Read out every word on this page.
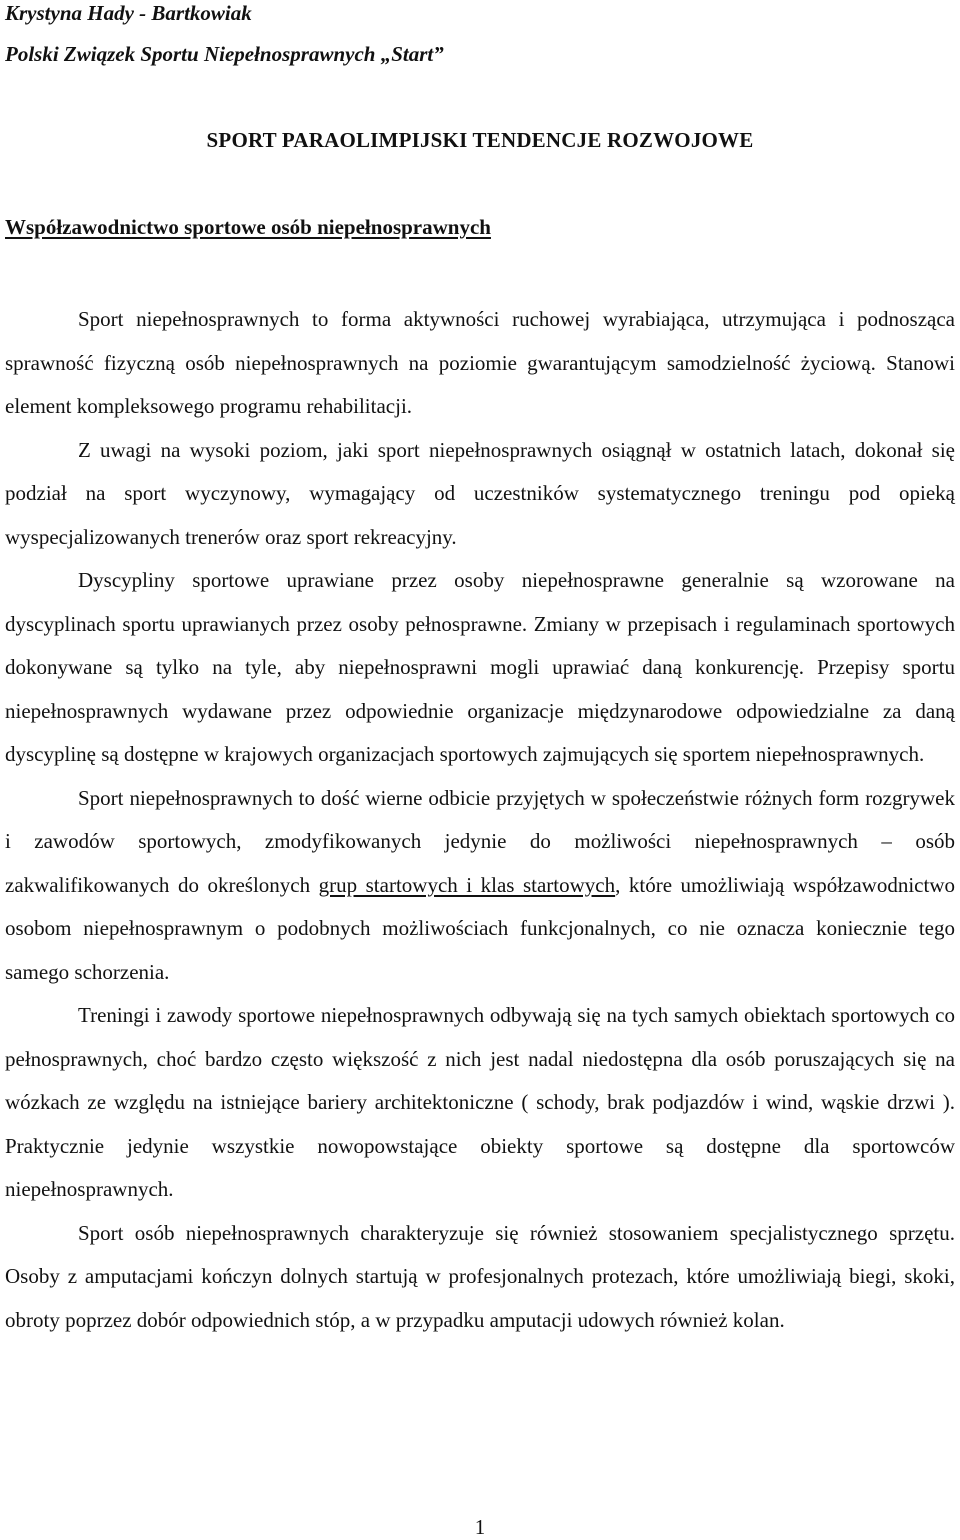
Krystyna Hady - Bartkowiak

Polski Związek Sportu Niepełnosprawnych „Start”

SPORT PARAOLIMPIJSKI TENDENCJE ROZWOJOWE
Współzawodnictwo sportowe osób niepełnosprawnych

Sport niepełnosprawnych to forma aktywności ruchowej wyrabiająca, utrzymująca i podnosząca sprawność fizyczną osób niepełnosprawnych na poziomie gwarantującym samodzielność życiową. Stanowi element kompleksowego programu rehabilitacji.

Z uwagi na wysoki poziom, jaki sport niepełnosprawnych osiągnął w ostatnich latach, dokonał się podział na sport wyczynowy, wymagający od uczestników systematycznego treningu pod opieką wyspecjalizowanych trenerów oraz sport rekreacyjny.

Dyscypliny sportowe uprawiane przez osoby niepełnosprawne generalnie są wzorowane na dyscyplinach sportu uprawianych przez osoby pełnosprawne. Zmiany w przepisach i regulaminach sportowych dokonywane są tylko na tyle, aby niepełnosprawni mogli uprawiać daną konkurencję. Przepisy sportu niepełnosprawnych wydawane przez odpowiednie organizacje międzynarodowe odpowiedzialne za daną dyscyplinę są dostępne w krajowych organizacjach sportowych zajmujących się sportem niepełnosprawnych.

Sport niepełnosprawnych to dość wierne odbicie przyjętych w społeczeństwie różnych form rozgrywek i zawodów sportowych, zmodyfikowanych jedynie do możliwości niepełnosprawnych – osób zakwalifikowanych do określonych grup startowych i klas startowych, które umożliwiają współzawodnictwo osobom niepełnosprawnym o podobnych możliwościach funkcjonalnych, co nie oznacza koniecznie tego samego schorzenia.

Treningi i zawody sportowe niepełnosprawnych odbywają się na tych samych obiektach sportowych co pełnosprawnych, choć bardzo często większość z nich jest nadal niedostępna dla osób poruszających się na wózkach ze względu na istniejące bariery architektoniczne ( schody, brak podjazdów i wind, wąskie drzwi ). Praktycznie jedynie wszystkie nowopowstające obiekty sportowe są dostępne dla sportowców niepełnosprawnych.

Sport osób niepełnosprawnych charakteryzuje się również stosowaniem specjalistycznego sprzętu. Osoby z amputacjami kończyn dolnych startują w profesjonalnych protezach, które umożliwiają biegi, skoki, obroty poprzez dobór odpowiednich stóp, a w przypadku amputacji udowych również kolan.

1
